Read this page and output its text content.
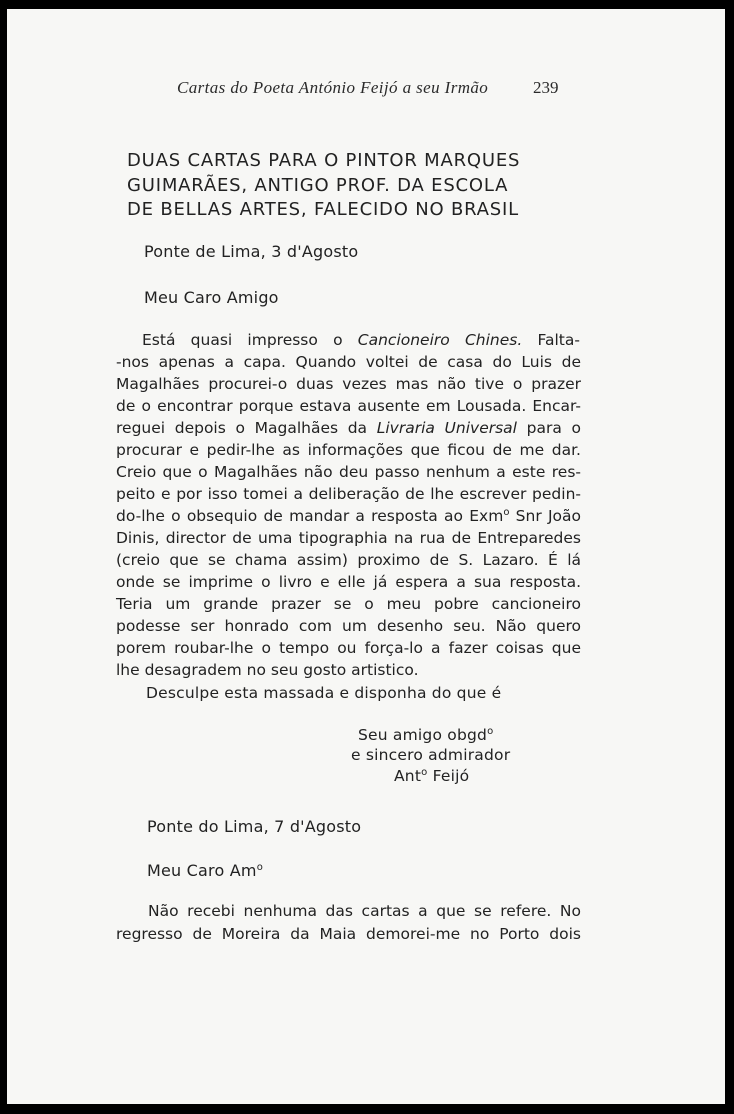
Cartas do Poeta António Feijó a seu Irmão	239
DUAS CARTAS PARA O PINTOR MARQUES
GUIMARÃES, ANTIGO PROF. DA ESCOLA
DE BELLAS ARTES, FALECIDO NO BRASIL
Ponte de Lima, 3 d'Agosto
Meu Caro Amigo
Está quasi impresso o Cancioneiro Chines. Falta-
-nos apenas a capa. Quando voltei de casa do Luis de
Magalhães procurei-o duas vezes mas não tive o prazer
de o encontrar porque estava ausente em Lousada. Encar-
reguei depois o Magalhães da Livraria Universal para o
procurar e pedir-lhe as informações que ficou de me dar.
Creio que o Magalhães não deu passo nenhum a este res-
peito e por isso tomei a deliberação de lhe escrever pedin-
do-lhe o obsequio de mandar a resposta ao Exm$^o$ Snr João
Dinis, director de uma tipographia na rua de Entreparedes
(creio que se chama assim) proximo de S. Lazaro. É lá
onde se imprime o livro e elle já espera a sua resposta.
Teria um grande prazer se o meu pobre cancioneiro
podesse ser honrado com um desenho seu. Não quero
porem roubar-lhe o tempo ou força-lo a fazer coisas que
lhe desagradem no seu gosto artistico.
Desculpe esta massada e disponha do que é
Seu amigo obgd$^o$
e sincero admirador
Ant$^o$ Feijó
Ponte do Lima, 7 d'Agosto
Meu Caro Am$^o$
Não recebi nenhuma das cartas a que se refere. No
regresso de Moreira da Maia demorei-me no Porto dois
